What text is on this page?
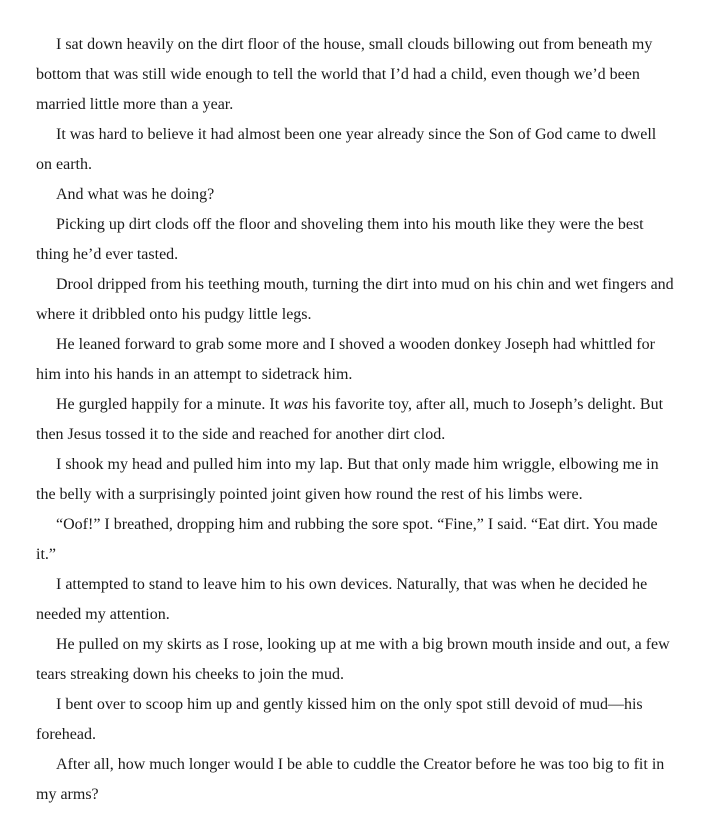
I sat down heavily on the dirt floor of the house, small clouds billowing out from beneath my bottom that was still wide enough to tell the world that I’d had a child, even though we’d been married little more than a year.

It was hard to believe it had almost been one year already since the Son of God came to dwell on earth.

And what was he doing?

Picking up dirt clods off the floor and shoveling them into his mouth like they were the best thing he’d ever tasted.

Drool dripped from his teething mouth, turning the dirt into mud on his chin and wet fingers and where it dribbled onto his pudgy little legs.

He leaned forward to grab some more and I shoved a wooden donkey Joseph had whittled for him into his hands in an attempt to sidetrack him.

He gurgled happily for a minute. It was his favorite toy, after all, much to Joseph’s delight. But then Jesus tossed it to the side and reached for another dirt clod.

I shook my head and pulled him into my lap. But that only made him wriggle, elbowing me in the belly with a surprisingly pointed joint given how round the rest of his limbs were.

“Oof!” I breathed, dropping him and rubbing the sore spot. “Fine,” I said. “Eat dirt. You made it.”

I attempted to stand to leave him to his own devices. Naturally, that was when he decided he needed my attention.

He pulled on my skirts as I rose, looking up at me with a big brown mouth inside and out, a few tears streaking down his cheeks to join the mud.

I bent over to scoop him up and gently kissed him on the only spot still devoid of mud—his forehead.

After all, how much longer would I be able to cuddle the Creator before he was too big to fit in my arms?
